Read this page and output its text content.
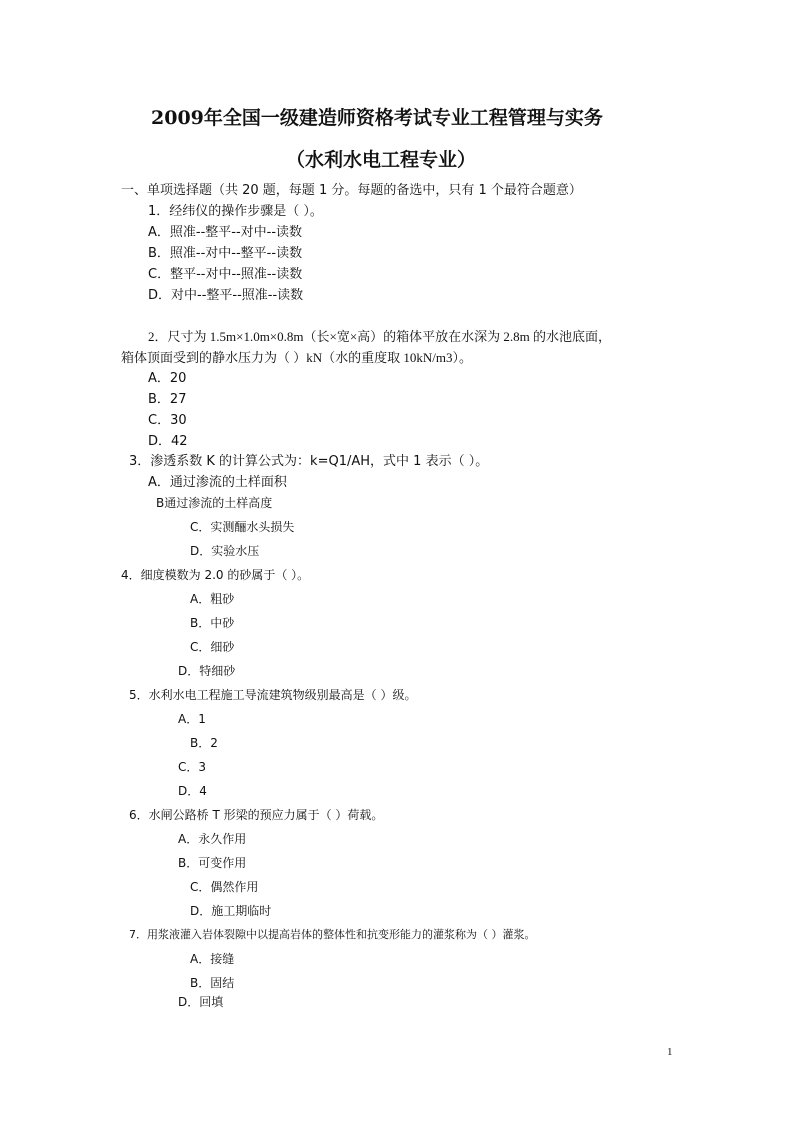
2009年全国一级建造师资格考试专业工程管理与实务
（水利水电工程专业）
一、单项选择题（共 20 题，每题 1 分。每题的备选中，只有 1 个最符合题意）
1．经纬仪的操作步骤是（ ）。
A．照准--整平--对中--读数
B．照准--对中--整平--读数
C．整平--对中--照准--读数
D．对中--整平--照准--读数
2．尺寸为 1.5m×1.0m×0.8m（长×宽×高）的箱体平放在水深为 2.8m 的水池底面，
箱体顶面受到的静水压力为（ ）kN（水的重度取 10kN/m3）。
A．20
B．27
C．30
D．42
3．渗透系数 K 的计算公式为：k=Q1/AH，式中 1 表示（ ）。
A．通过渗流的土样面积
B通过渗流的土样高度
C．实测酾水头损失
D．实验水压
4．细度模数为 2.0 的砂属于（ ）。
A．粗砂
B．中砂
C．细砂
D．特细砂
5．水利水电工程施工导流建筑物级别最高是（ ）级。
A．1
B．2
C．3
D．4
6．水闸公路桥 T 形梁的预应力属于（ ）荷载。
A．永久作用
B．可变作用
C．偶然作用
D．施工期临时
7．用浆液灌入岩体裂隙中以提高岩体的整体性和抗变形能力的灌浆称为（ ）灌浆。
A．接缝
B．固结
D．回填
1
